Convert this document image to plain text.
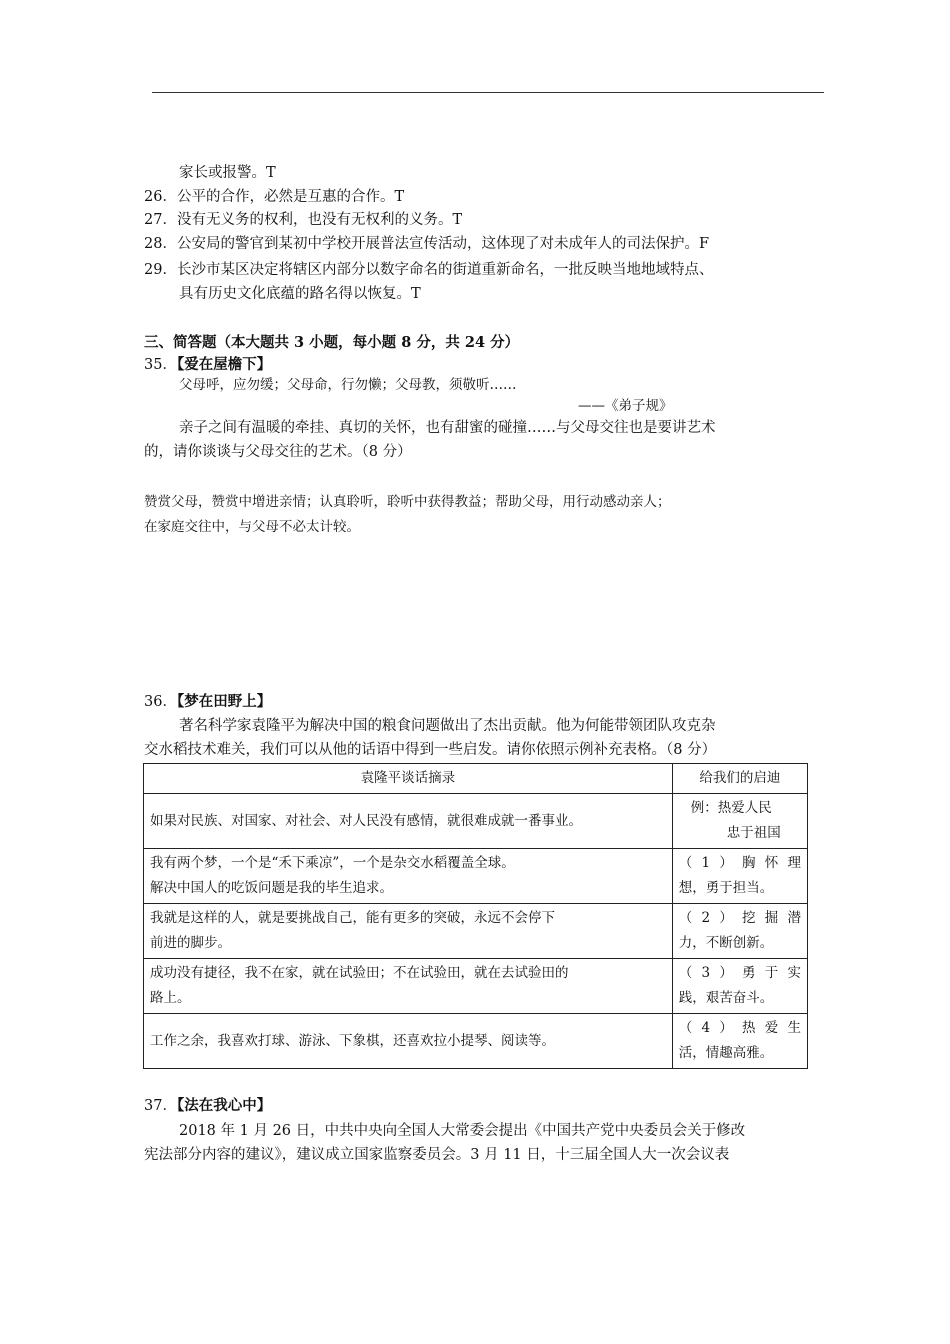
家长或报警。T
26．公平的合作，必然是互惠的合作。T
27．没有无义务的权利，也没有无权利的义务。T
28．公安局的警官到某初中学校开展普法宣传活动，这体现了对未成年人的司法保护。F
29．长沙市某区决定将辖区内部分以数字命名的街道重新命名，一批反映当地地域特点、
具有历史文化底蕴的路名得以恢复。T
三、简答题（本大题共 3 小题，每小题 8 分，共 24 分）
35．【爱在屋檐下】
父母呼，应勿缓；父母命，行勿懒；父母教，须敬听……
——《弟子规》
亲子之间有温暖的牵挂、真切的关怀，也有甜蜜的碰撞……与父母交往也是要讲艺术
的，请你谈谈与父母交往的艺术。（8 分）
赞赏父母，赞赏中增进亲情；认真聆听，聆听中获得教益；帮助父母，用行动感动亲人；
在家庭交往中，与父母不必太计较。
36．【梦在田野上】
著名科学家袁隆平为解决中国的粮食问题做出了杰出贡献。他为何能带领团队攻克杂
交水稻技术难关，我们可以从他的话语中得到一些启发。请你依照示例补充表格。（8 分）
袁隆平谈话摘录	给我们的启迪
如果对民族、对国家、对社会、对人民没有感情，就很难成就一番事业。	例：热爱人民
忠于祖国

我有两个梦，一个是“禾下乘凉”，一个是杂交水稻覆盖全球。
解决中国人的吃饭问题是我的毕生追求。	（1）胸怀理
想，勇于担当。

我就是这样的人，就是要挑战自己，能有更多的突破，永远不会停下
前进的脚步。	（2）挖掘潜
力，不断创新。

成功没有捷径，我不在家，就在试验田；不在试验田，就在去试验田的
路上。	（3）勇于实
践，艰苦奋斗。

工作之余，我喜欢打球、游泳、下象棋，还喜欢拉小提琴、阅读等。	（4）热爱生
活，情趣高雅。
37．【法在我心中】
2018 年 1 月 26 日，中共中央向全国人大常委会提出《中国共产党中央委员会关于修改
宪法部分内容的建议》，建议成立国家监察委员会。3 月 11 日，十三届全国人大一次会议表
